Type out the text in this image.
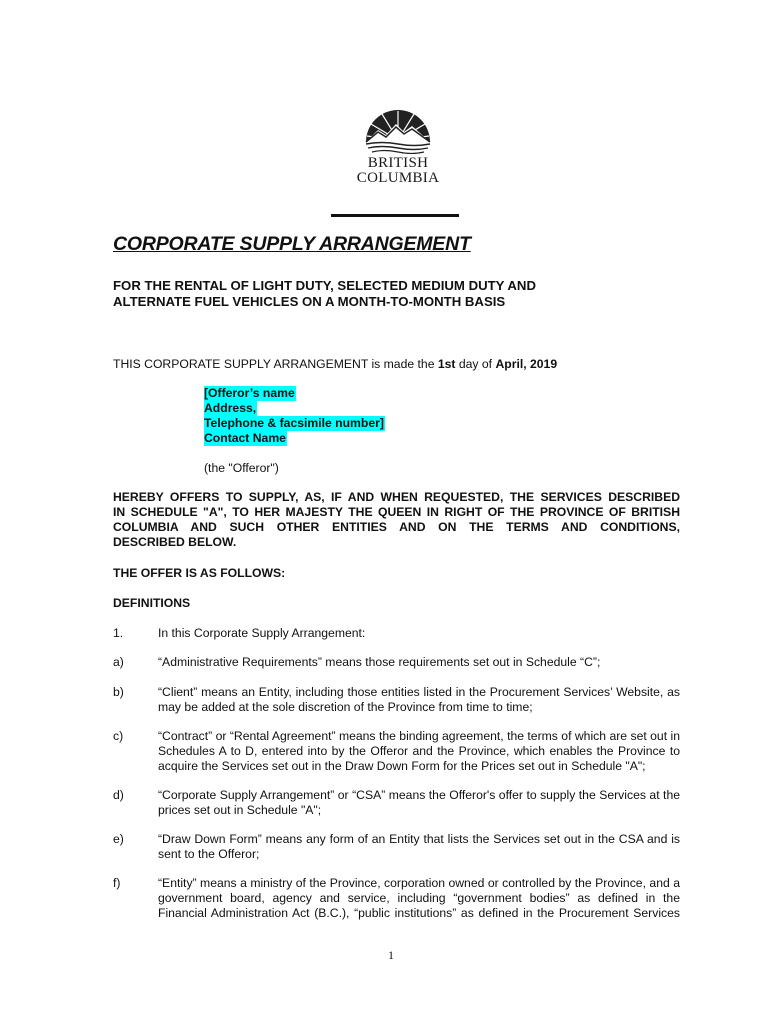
BRITISH
COLUMBIA
CORPORATE SUPPLY ARRANGEMENT
FOR THE RENTAL OF LIGHT DUTY, SELECTED MEDIUM DUTY AND
ALTERNATE FUEL VEHICLES ON A MONTH-TO-MONTH BASIS
THIS CORPORATE SUPPLY ARRANGEMENT is made the 1st day of April, 2019
[Offeror’s name
Address,
Telephone & facsimile number]
Contact Name
(the "Offeror")
HEREBY OFFERS TO SUPPLY, AS, IF AND WHEN REQUESTED, THE SERVICES DESCRIBED
IN SCHEDULE "A", TO HER MAJESTY THE QUEEN IN RIGHT OF THE PROVINCE OF BRITISH
COLUMBIA AND SUCH OTHER ENTITIES AND ON THE TERMS AND CONDITIONS,
DESCRIBED BELOW.
THE OFFER IS AS FOLLOWS:
DEFINITIONS
1.	In this Corporate Supply Arrangement:
a)	“Administrative Requirements” means those requirements set out in Schedule “C”;
b)	“Client” means an Entity, including those entities listed in the Procurement Services’ Website, as
may be added at the sole discretion of the Province from time to time;
c)	“Contract” or “Rental Agreement” means the binding agreement, the terms of which are set out in
Schedules A to D, entered into by the Offeror and the Province, which enables the Province to
acquire the Services set out in the Draw Down Form for the Prices set out in Schedule "A";
d)	“Corporate Supply Arrangement” or “CSA” means the Offeror's offer to supply the Services at the
prices set out in Schedule "A";
e)	“Draw Down Form” means any form of an Entity that lists the Services set out in the CSA and is
sent to the Offeror;
f)	“Entity” means a ministry of the Province, corporation owned or controlled by the Province, and a
government board, agency and service, including “government bodies” as defined in the
Financial Administration Act (B.C.), “public institutions” as defined in the Procurement Services
1
